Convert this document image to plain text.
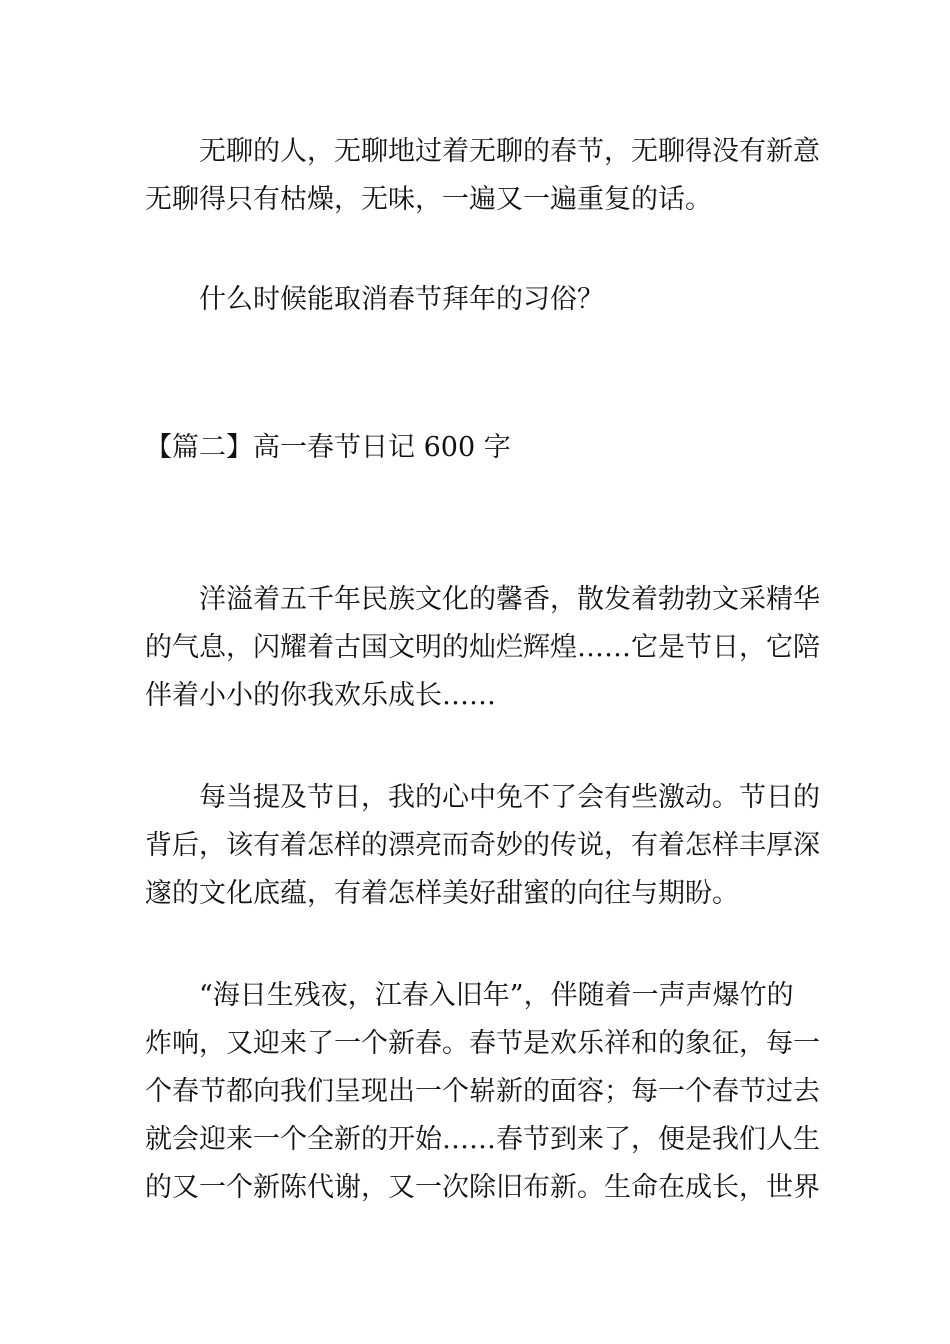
无聊的人，无聊地过着无聊的春节，无聊得没有新意
无聊得只有枯燥，无味，一遍又一遍重复的话。
什么时候能取消春节拜年的习俗？
【篇二】高一春节日记 600 字
洋溢着五千年民族文化的馨香，散发着勃勃文采精华
的气息，闪耀着古国文明的灿烂辉煌……它是节日，它陪
伴着小小的你我欢乐成长……
每当提及节日，我的心中免不了会有些激动。节日的
背后，该有着怎样的漂亮而奇妙的传说，有着怎样丰厚深
邃的文化底蕴，有着怎样美好甜蜜的向往与期盼。
“海日生残夜，江春入旧年”，伴随着一声声爆竹的
炸响，又迎来了一个新春。春节是欢乐祥和的象征，每一
个春节都向我们呈现出一个崭新的面容；每一个春节过去
就会迎来一个全新的开始……春节到来了，便是我们人生
的又一个新陈代谢，又一次除旧布新。生命在成长，世界
